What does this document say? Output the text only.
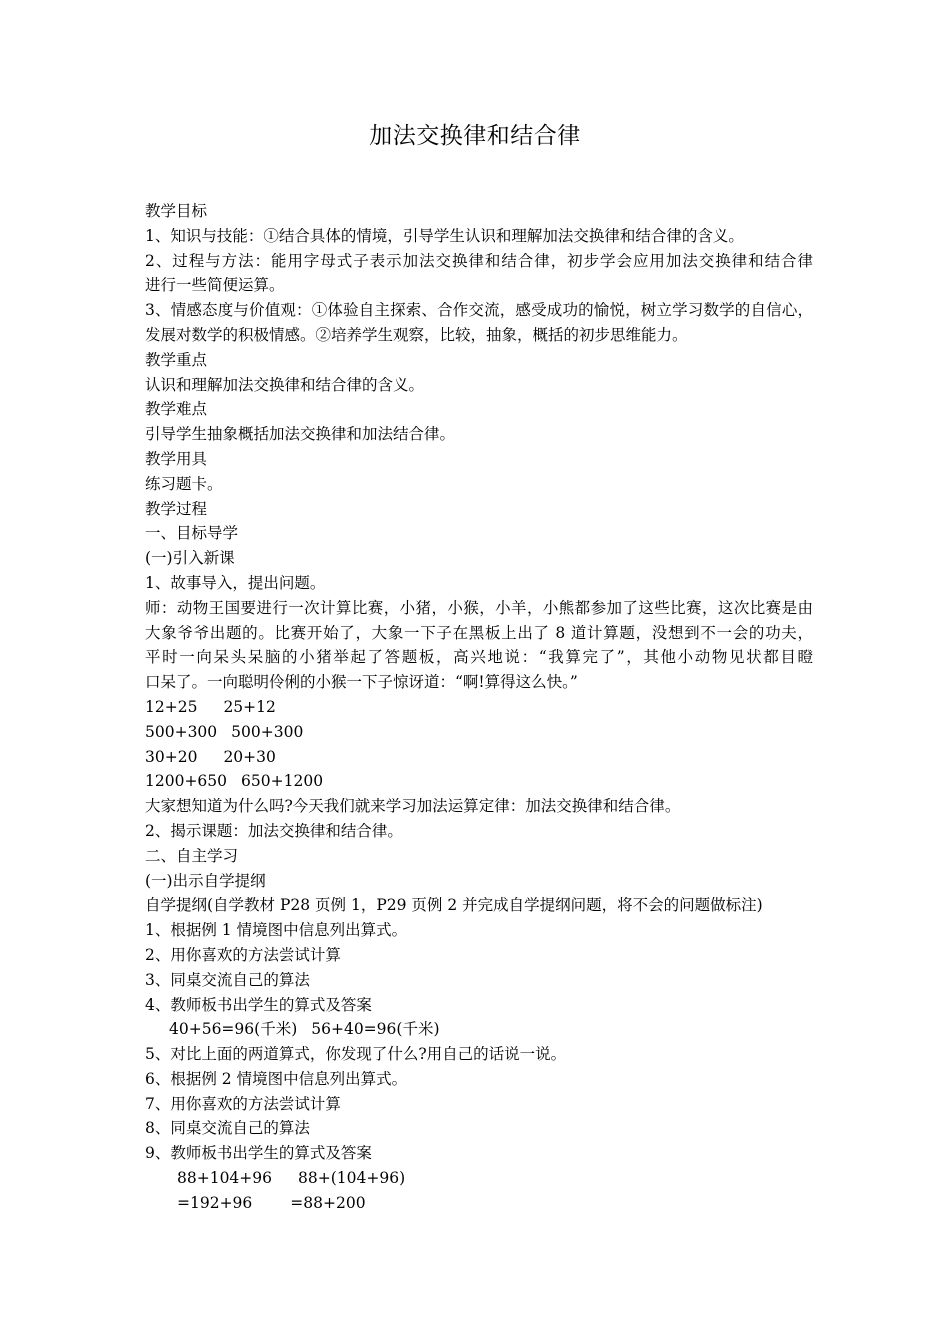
加法交换律和结合律
教学目标
1、知识与技能：①结合具体的情境，引导学生认识和理解加法交换律和结合律的含义。
2、过程与方法：能用字母式子表示加法交换律和结合律，初步学会应用加法交换律和结合律
进行一些简便运算。
3、情感态度与价值观：①体验自主探索、合作交流，感受成功的愉悦，树立学习数学的自信心，
发展对数学的积极情感。②培养学生观察，比较，抽象，概括的初步思维能力。
教学重点
认识和理解加法交换律和结合律的含义。
教学难点
引导学生抽象概括加法交换律和加法结合律。
教学用具
练习题卡。
教学过程
一、目标导学
(一)引入新课
1、故事导入，提出问题。
师：动物王国要进行一次计算比赛，小猪，小猴，小羊，小熊都参加了这些比赛，这次比赛是由
大象爷爷出题的。比赛开始了，大象一下子在黑板上出了 8 道计算题，没想到不一会的功夫，
平时一向呆头呆脑的小猪举起了答题板，高兴地说：“我算完了”，其他小动物见状都目瞪
口呆了。一向聪明伶俐的小猴一下子惊讶道：“啊!算得这么快。”
12+25 25+12
500+300 500+300
30+20 20+30
1200+650 650+1200
大家想知道为什么吗?今天我们就来学习加法运算定律：加法交换律和结合律。
2、揭示课题：加法交换律和结合律。
二、自主学习
(一)出示自学提纲
自学提纲(自学教材 P28 页例 1，P29 页例 2 并完成自学提纲问题，将不会的问题做标注)
1、根据例 1 情境图中信息列出算式。
2、用你喜欢的方法尝试计算
3、同桌交流自己的算法
4、教师板书出学生的算式及答案
40+56=96(千米) 56+40=96(千米)
5、对比上面的两道算式，你发现了什么?用自己的话说一说。
6、根据例 2 情境图中信息列出算式。
7、用你喜欢的方法尝试计算
8、同桌交流自己的算法
9、教师板书出学生的算式及答案
88+104+96 88+(104+96)
=192+96 =88+200
